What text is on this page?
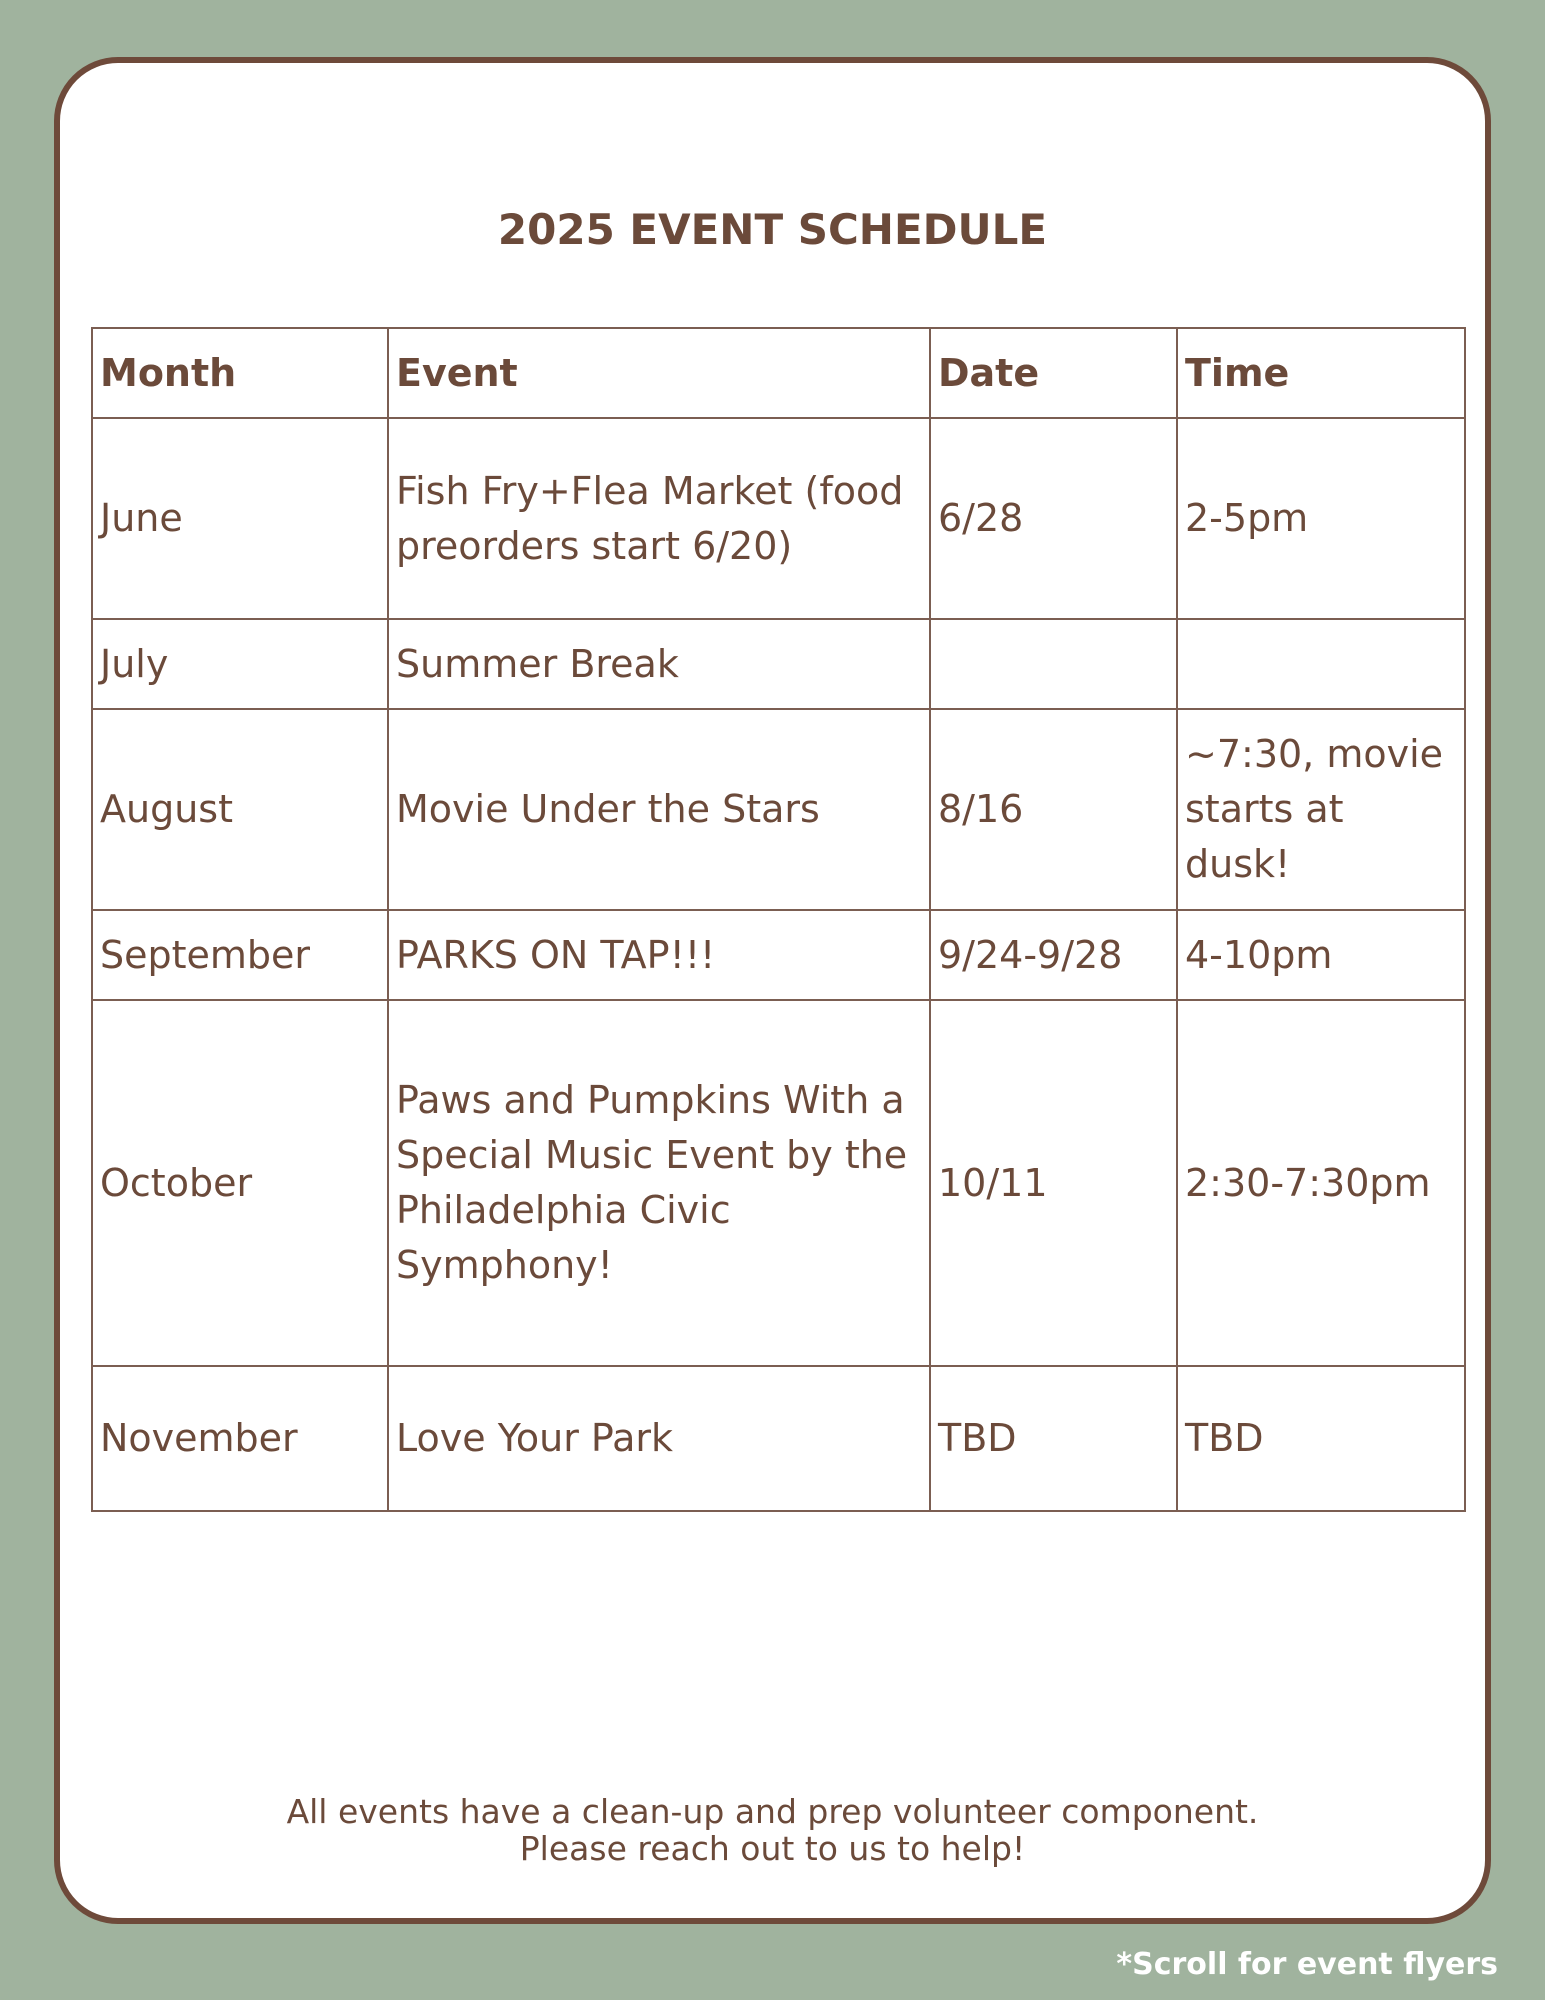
2025 EVENT SCHEDULE
Month	Event	Date	Time
June	Fish Fry+Flea Market (food preorders start 6/20)	6/28	2-5pm
July	Summer Break		
August	Movie Under the Stars	8/16	~7:30, movie starts at dusk!
September	PARKS ON TAP!!!	9/24-9/28	4-10pm
October	Paws and Pumpkins With a Special Music Event by the Philadelphia Civic Symphony!	10/11	2:30-7:30pm
November	Love Your Park	TBD	TBD
All events have a clean-up and prep volunteer component.
Please reach out to us to help!
*Scroll for event flyers
